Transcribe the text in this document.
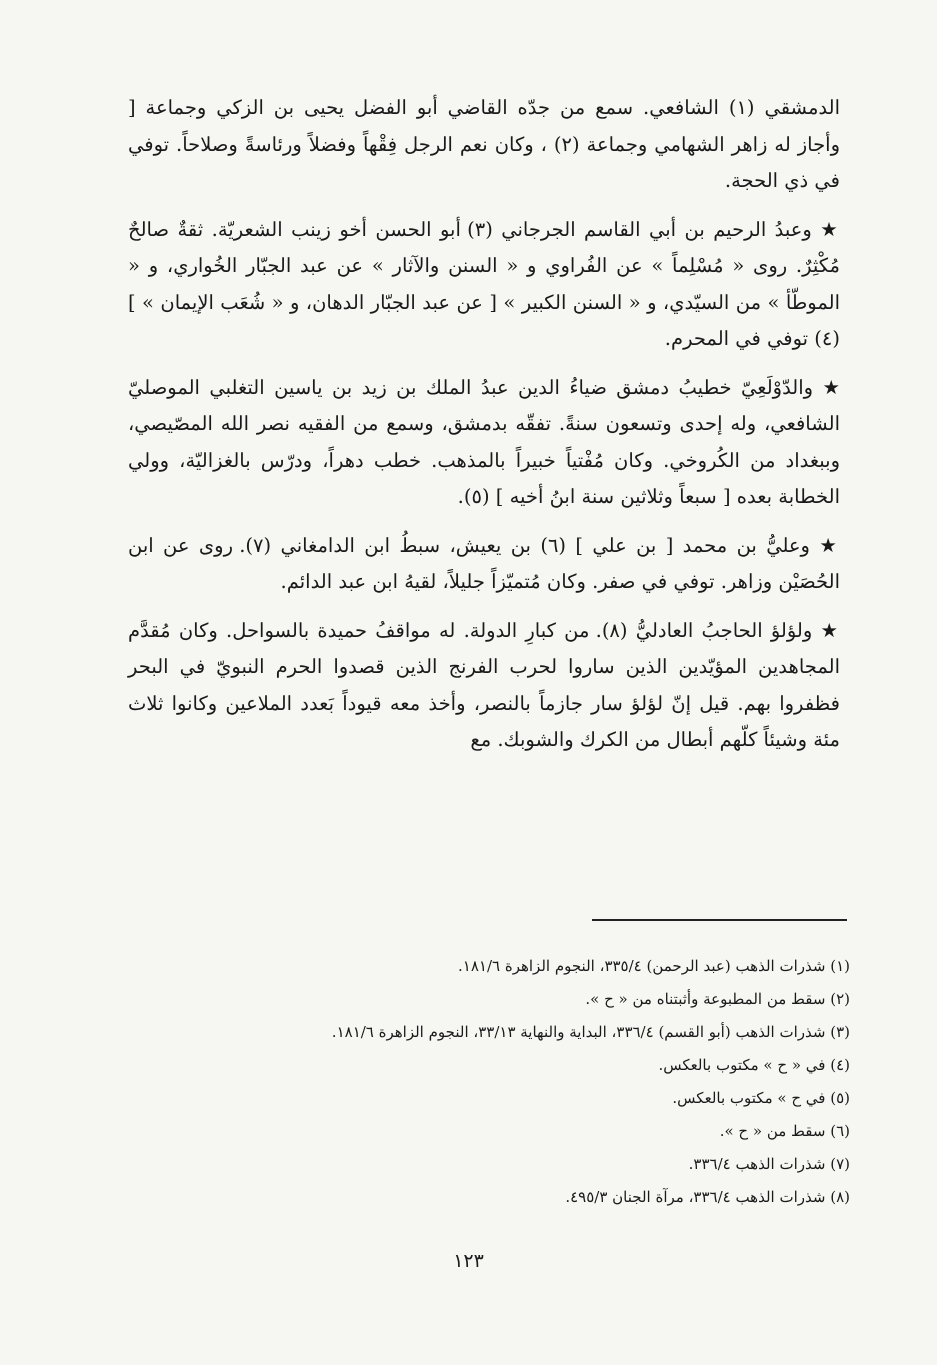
الدمشقي (١) الشافعي. سمع من جدّه القاضي أبو الفضل يحيى بن الزكي وجماعة [ وأجاز له زاهر الشهامي وجماعة (٢) ، وكان نعم الرجل فِقْهاً وفضلاً ورئاسةً وصلاحاً. توفي في ذي الحجة.

★ وعبدُ الرحيم بن أبي القاسم الجرجاني (٣) أبو الحسن أخو زينب الشعريّة. ثقةٌ صالحٌ مُكْثِرٌ. روى « مُسْلِماً » عن الفُراوي و « السنن والآثار » عن عبد الجبّار الخُواري، و « الموطّأ » من السيّدي، و « السنن الكبير » [ عن عبد الجبّار الدهان، و « شُعَب الإيمان » ] (٤) توفي في المحرم.

★ والدّوْلَعِيّ خطيبُ دمشق ضياءُ الدين عبدُ الملك بن زيد بن ياسين التغلبي الموصليّ الشافعي، وله إحدى وتسعون سنةً. تفقّه بدمشق، وسمع من الفقيه نصر الله المصّيصي، وببغداد من الكُروخي. وكان مُفْتياً خبيراً بالمذهب. خطب دهراً، ودرّس بالغزاليّة، وولي الخطابة بعده [ سبعاً وثلاثين سنة ابنُ أخيه ] (٥).

★ وعليُّ بن محمد [ بن علي ] (٦) بن يعيش، سبطُ ابن الدامغاني (٧). روى عن ابن الحُصَيْن وزاهر. توفي في صفر. وكان مُتميّزاً جليلاً، لقيهُ ابن عبد الدائم.

★ ولؤلؤ الحاجبُ العادليُّ (٨). من كبارِ الدولة. له مواقفُ حميدة بالسواحل. وكان مُقدَّم المجاهدين المؤيّدين الذين ساروا لحرب الفرنج الذين قصدوا الحرم النبويّ في البحر فظفروا بهم. قيل إنّ لؤلؤ سار جازماً بالنصر، وأخذ معه قيوداً بَعدد الملاعين وكانوا ثلاث مئة وشيئاً كلّهم أبطال من الكرك والشوبك. مع

(١) شذرات الذهب (عبد الرحمن) ٣٣٥/٤، النجوم الزاهرة ١٨١/٦.
(٢) سقط من المطبوعة وأثبتناه من « ح ».
(٣) شذرات الذهب (أبو القسم) ٣٣٦/٤، البداية والنهاية ٣٣/١٣، النجوم الزاهرة ١٨١/٦.
(٤) في « ح » مكتوب بالعكس.
(٥) في ح » مكتوب بالعكس.
(٦) سقط من « ح ».
(٧) شذرات الذهب ٣٣٦/٤.
(٨) شذرات الذهب ٣٣٦/٤، مرآة الجنان ٤٩٥/٣.
١٢٣
